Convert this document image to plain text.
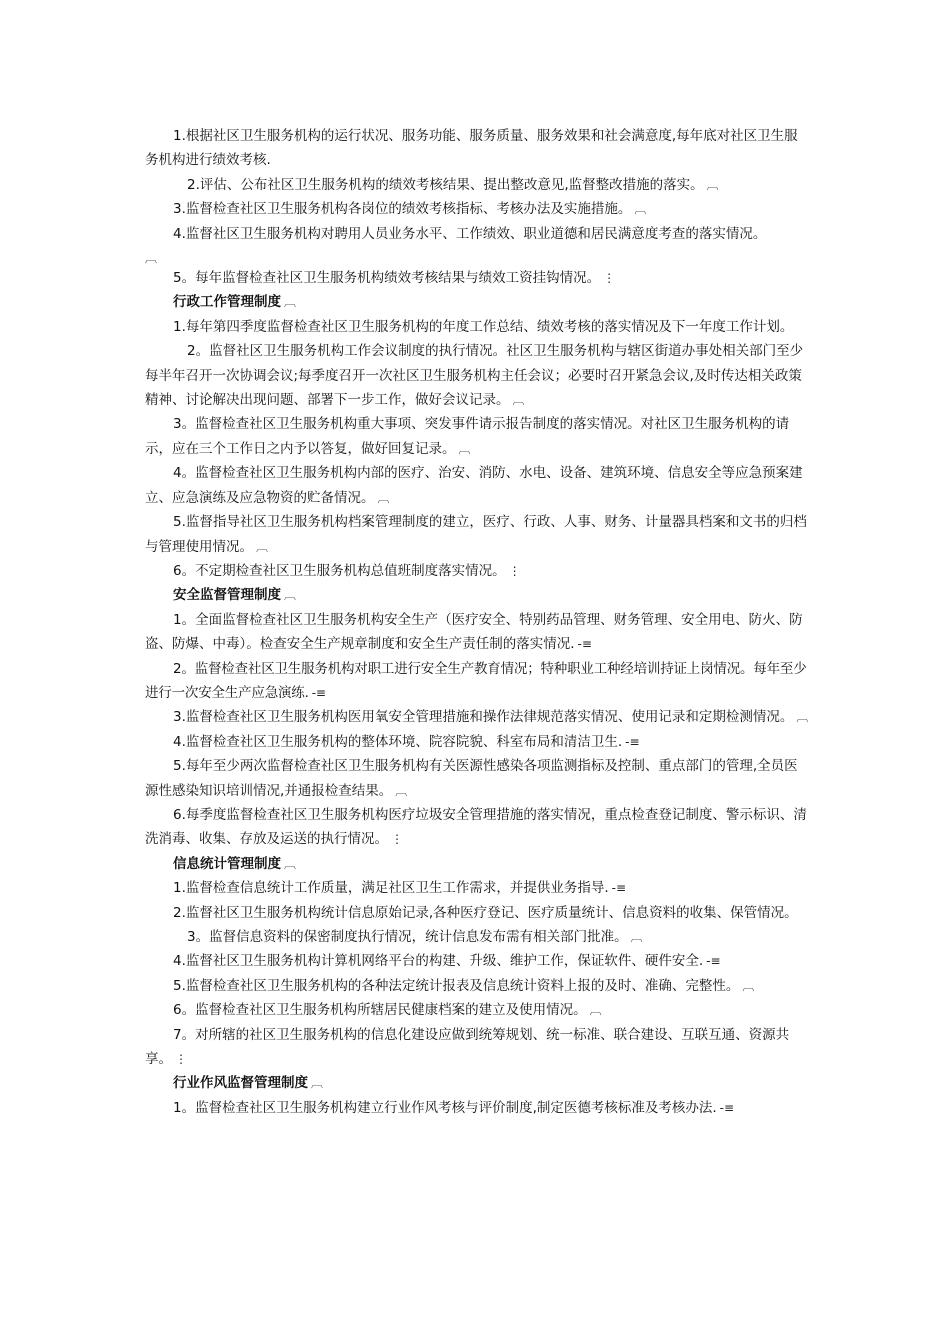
1.根据社区卫生服务机构的运行状况、服务功能、服务质量、服务效果和社会满意度,每年底对社区卫生服务机构进行绩效考核.

2.评估、公布社区卫生服务机构的绩效考核结果、提出整改意见,监督整改措施的落实。 ︹

3.监督检查社区卫生服务机构各岗位的绩效考核指标、考核办法及实施措施。 ︹

4.监督社区卫生服务机构对聘用人员业务水平、工作绩效、职业道德和居民满意度考查的落实情况。

︹

5。每年监督检查社区卫生服务机构绩效考核结果与绩效工资挂钩情况。 ⋮

行政工作管理制度 ︹

1.每年第四季度监督检查社区卫生服务机构的年度工作总结、绩效考核的落实情况及下一年度工作计划。

2。监督社区卫生服务机构工作会议制度的执行情况。社区卫生服务机构与辖区街道办事处相关部门至少每半年召开一次协调会议;每季度召开一次社区卫生服务机构主任会议；必要时召开紧急会议,及时传达相关政策精神、讨论解决出现问题、部署下一步工作，做好会议记录。 ︹

3。监督检查社区卫生服务机构重大事项、突发事件请示报告制度的落实情况。对社区卫生服务机构的请示，应在三个工作日之内予以答复，做好回复记录。 ︹

4。监督检查社区卫生服务机构内部的医疗、治安、消防、水电、设备、建筑环境、信息安全等应急预案建立、应急演练及应急物资的贮备情况。 ︹

5.监督指导社区卫生服务机构档案管理制度的建立，医疗、行政、人事、财务、计量器具档案和文书的归档与管理使用情况。 ︹

6。不定期检查社区卫生服务机构总值班制度落实情况。 ⋮

安全监督管理制度 ︹

1。全面监督检查社区卫生服务机构安全生产（医疗安全、特别药品管理、财务管理、安全用电、防火、防盗、防爆、中毒）。检查安全生产规章制度和安全生产责任制的落实情况. -≡

2。监督检查社区卫生服务机构对职工进行安全生产教育情况；特种职业工种经培训持证上岗情况。每年至少进行一次安全生产应急演练. -≡

3.监督检查社区卫生服务机构医用氧安全管理措施和操作法律规范落实情况、使用记录和定期检测情况。 ︹

4.监督检查社区卫生服务机构的整体环境、院容院貌、科室布局和清洁卫生. -≡

5.每年至少两次监督检查社区卫生服务机构有关医源性感染各项监测指标及控制、重点部门的管理,全员医源性感染知识培训情况,并通报检查结果。 ︹

6.每季度监督检查社区卫生服务机构医疗垃圾安全管理措施的落实情况，重点检查登记制度、警示标识、清洗消毒、收集、存放及运送的执行情况。 ⋮

信息统计管理制度 ︹

1.监督检查信息统计工作质量，满足社区卫生工作需求，并提供业务指导. -≡

2.监督社区卫生服务机构统计信息原始记录,各种医疗登记、医疗质量统计、信息资料的收集、保管情况。

3。监督信息资料的保密制度执行情况，统计信息发布需有相关部门批准。 ︹

4.监督社区卫生服务机构计算机网络平台的构建、升级、维护工作，保证软件、硬件安全. -≡

5.监督检查社区卫生服务机构的各种法定统计报表及信息统计资料上报的及时、准确、完整性。 ︹

6。监督检查社区卫生服务机构所辖居民健康档案的建立及使用情况。 ︹

7。对所辖的社区卫生服务机构的信息化建设应做到统筹规划、统一标准、联合建设、互联互通、资源共享。 ⋮

行业作风监督管理制度 ︹

1。监督检查社区卫生服务机构建立行业作风考核与评价制度,制定医德考核标准及考核办法. -≡
